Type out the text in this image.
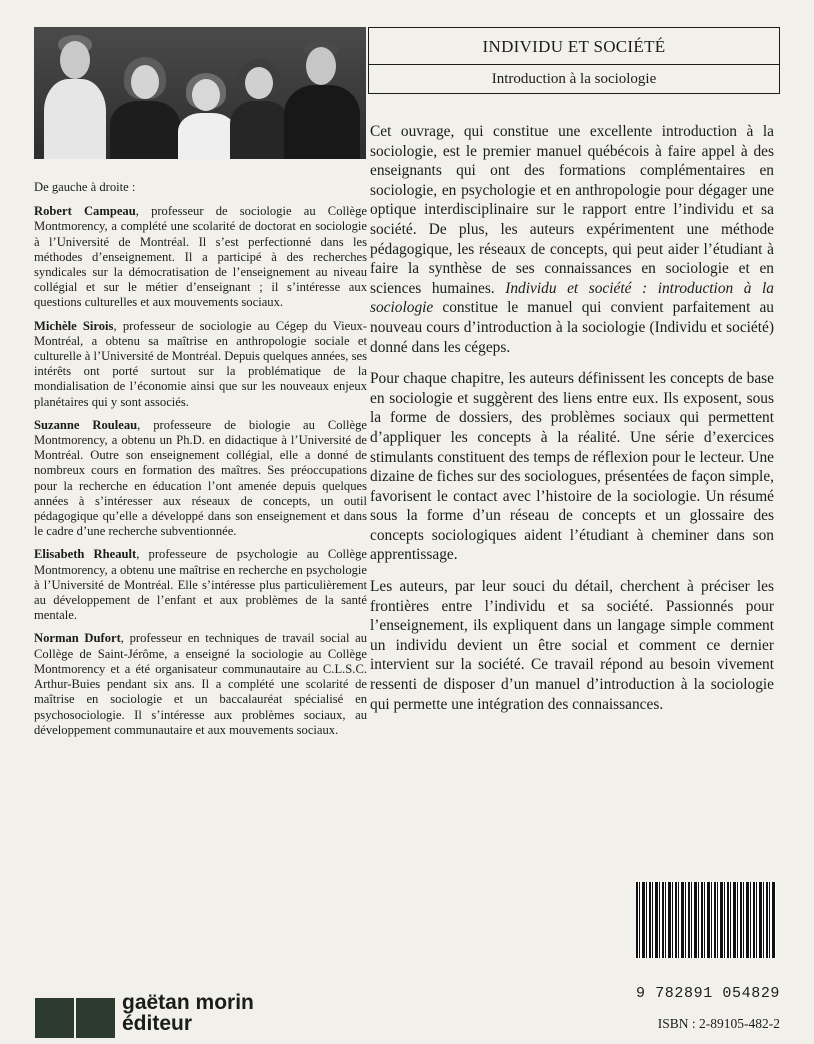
De gauche à droite :

Robert Campeau, professeur de sociologie au Collège Montmorency, a complété une scolarité de doctorat en sociologie à l’Université de Montréal. Il s’est perfectionné dans les méthodes d’enseignement. Il a participé à des recherches syndicales sur la démocratisation de l’enseignement au niveau collégial et sur le métier d’enseignant ; il s’intéresse aux questions culturelles et aux mouvements sociaux.

Michèle Sirois, professeur de sociologie au Cégep du Vieux-Montréal, a obtenu sa maîtrise en anthropologie sociale et culturelle à l’Université de Montréal. Depuis quelques années, ses intérêts ont porté surtout sur la problématique de la mondialisation de l’économie ainsi que sur les nouveaux enjeux planétaires qui y sont associés.

Suzanne Rouleau, professeure de biologie au Collège Montmorency, a obtenu un Ph.D. en didactique à l’Université de Montréal. Outre son enseignement collégial, elle a donné de nombreux cours en formation des maîtres. Ses préoccupations pour la recherche en éducation l’ont amenée depuis quelques années à s’intéresser aux réseaux de concepts, un outil pédagogique qu’elle a développé dans son enseignement et dans le cadre d’une recherche subventionnée.

Elisabeth Rheault, professeure de psychologie au Collège Montmorency, a obtenu une maîtrise en recherche en psychologie à l’Université de Montréal. Elle s’intéresse plus particulièrement au développement de l’enfant et aux problèmes de la santé mentale.

Norman Dufort, professeur en techniques de travail social au Collège de Saint-Jérôme, a enseigné la sociologie au Collège Montmorency et a été organisateur communautaire au C.L.S.C. Arthur-Buies pendant six ans. Il a complété une scolarité de maîtrise en sociologie et un baccalauréat spécialisé en psychosociologie. Il s’intéresse aux problèmes sociaux, au développement communautaire et aux mouvements sociaux.

INDIVIDU ET SOCIÉTÉ
Introduction à la sociologie

Cet ouvrage, qui constitue une excellente introduction à la sociologie, est le premier manuel québécois à faire appel à des enseignants qui ont des formations complémentaires en sociologie, en psychologie et en anthropologie pour dégager une optique interdisciplinaire sur le rapport entre l’individu et sa société. De plus, les auteurs expérimentent une méthode pédagogique, les réseaux de concepts, qui peut aider l’étudiant à faire la synthèse de ses connaissances en sociologie et en sciences humaines. Individu et société : introduction à la sociologie constitue le manuel qui convient parfaitement au nouveau cours d’introduction à la sociologie (Individu et société) donné dans les cégeps.

Pour chaque chapitre, les auteurs définissent les concepts de base en sociologie et suggèrent des liens entre eux. Ils exposent, sous la forme de dossiers, des problèmes sociaux qui permettent d’appliquer les concepts à la réalité. Une série d’exercices stimulants constituent des temps de réflexion pour le lecteur. Une dizaine de fiches sur des sociologues, présentées de façon simple, favorisent le contact avec l’histoire de la sociologie. Un résumé sous la forme d’un réseau de concepts et un glossaire des concepts sociologiques aident l’étudiant à cheminer dans son apprentissage.

Les auteurs, par leur souci du détail, cherchent à préciser les frontières entre l’individu et sa société. Passionnés pour l’enseignement, ils expliquent dans un langage simple comment un individu devient un être social et comment ce dernier intervient sur la société. Ce travail répond au besoin vivement ressenti de disposer d’un manuel d’introduction à la sociologie qui permette une intégration des connaissances.

9 782891 054829
ISBN : 2-89105-482-2
gaëtan morin
éditeur
